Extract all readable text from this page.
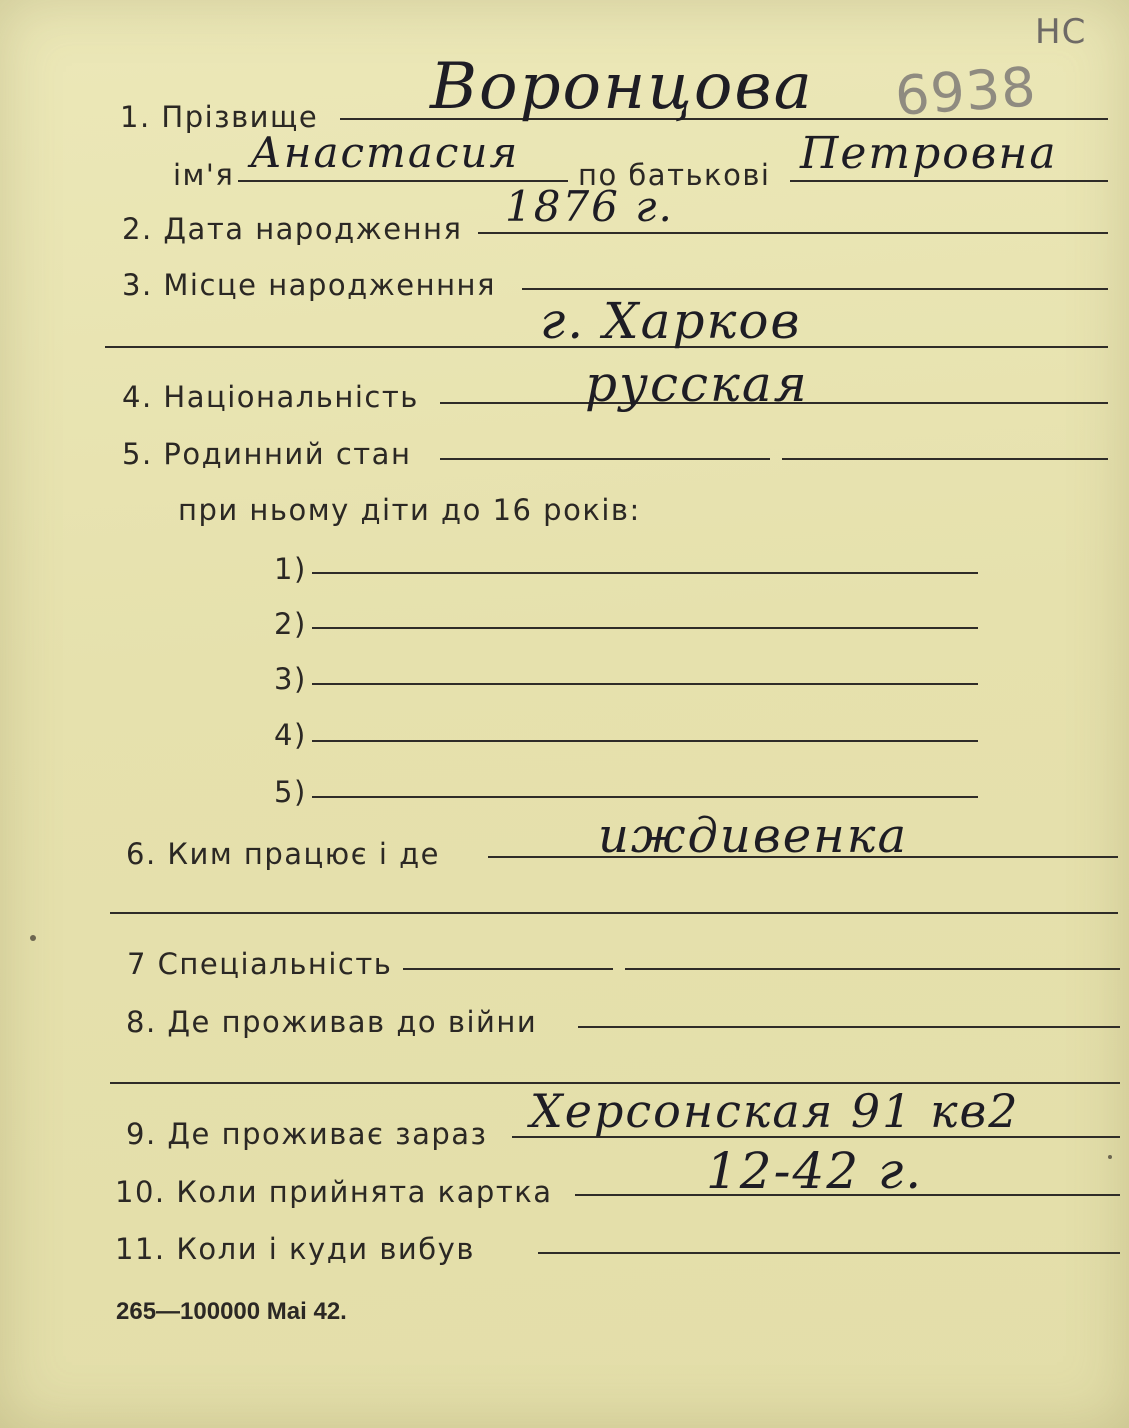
6938
НС
1. Прізвище Воронцова
ім'я Анастасия по батькові Петровна
2. Дата народження 1876 г.
3. Місце народженння
г. Харков
4. Національність	русская
5. Родинний стан
при ньому діти до 16 років:
1)
2)
3)
4)
5)
6. Ким працює і де	иждивенка
7 Спеціальність
8. Де проживав до війни
9. Де проживає зараз Херсонская 91 кв2
10. Коли прийнята картка	12-42 г.
11. Коли і куди вибув
265—100000 Mai 42.
